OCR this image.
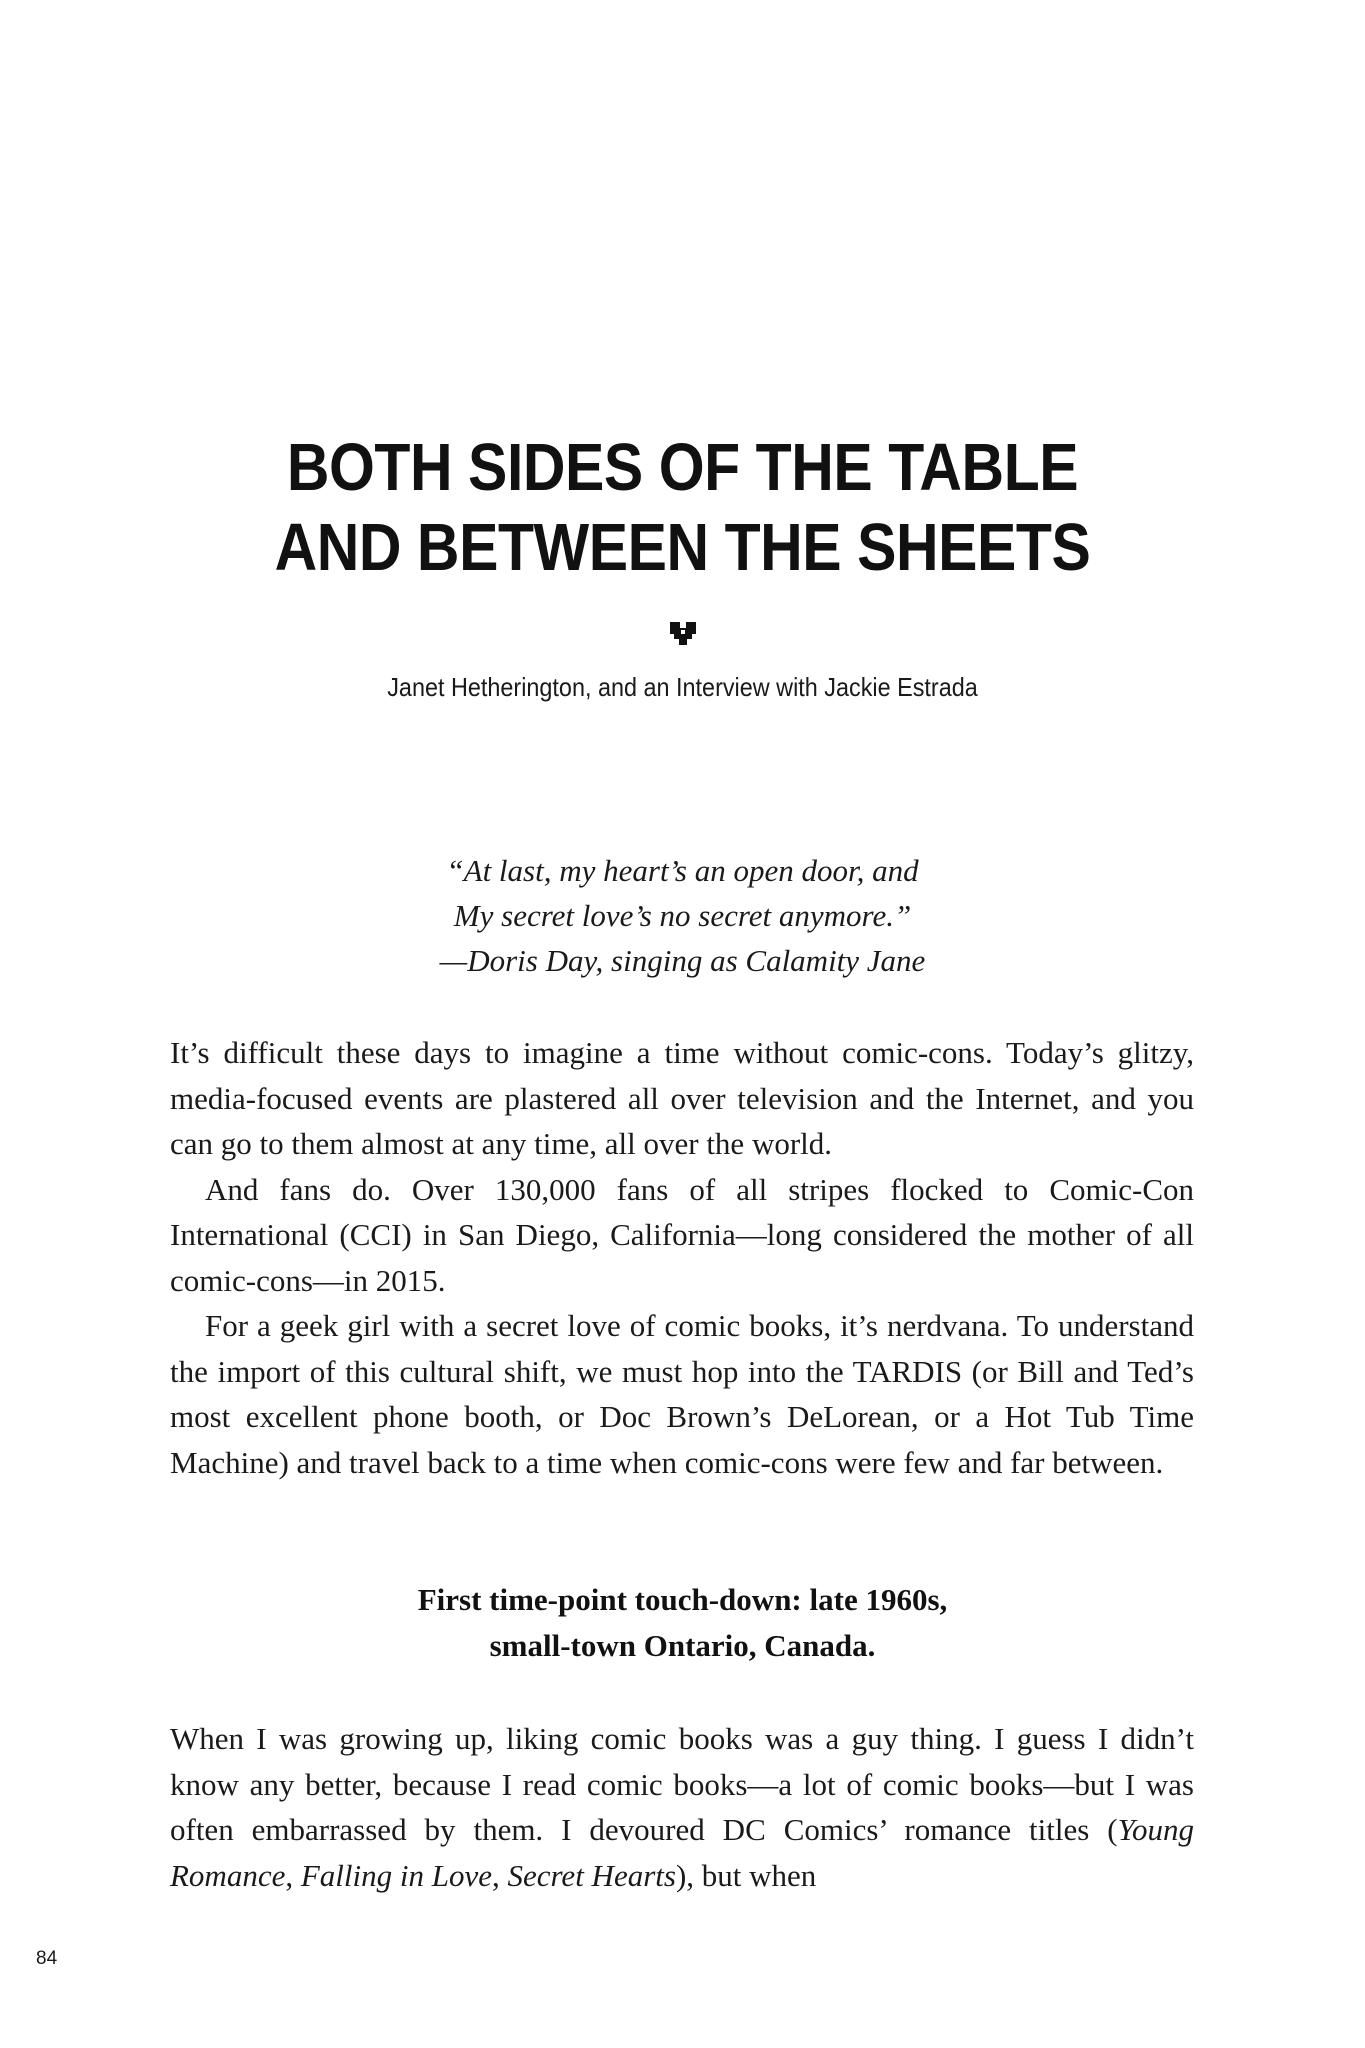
BOTH SIDES OF THE TABLE
AND BETWEEN THE SHEETS
Janet Hetherington, and an Interview with Jackie Estrada
“At last, my heart’s an open door, and
My secret love’s no secret anymore.”
—Doris Day, singing as Calamity Jane

It’s difficult these days to imagine a time without comic-cons. Today’s glitzy, media-focused events are plastered all over television and the Internet, and you can go to them almost at any time, all over the world.

And fans do. Over 130,000 fans of all stripes flocked to Comic-Con International (CCI) in San Diego, California—long considered the mother of all comic-cons—in 2015.

For a geek girl with a secret love of comic books, it’s nerdvana. To understand the import of this cultural shift, we must hop into the TARDIS (or Bill and Ted’s most excellent phone booth, or Doc Brown’s DeLorean, or a Hot Tub Time Machine) and travel back to a time when comic-cons were few and far between.

First time-point touch-down: late 1960s,
small-town Ontario, Canada.

When I was growing up, liking comic books was a guy thing. I guess I didn’t know any better, because I read comic books—a lot of comic books—but I was often embarrassed by them. I devoured DC Comics’ romance titles (Young Romance, Falling in Love, Secret Hearts), but when

84
